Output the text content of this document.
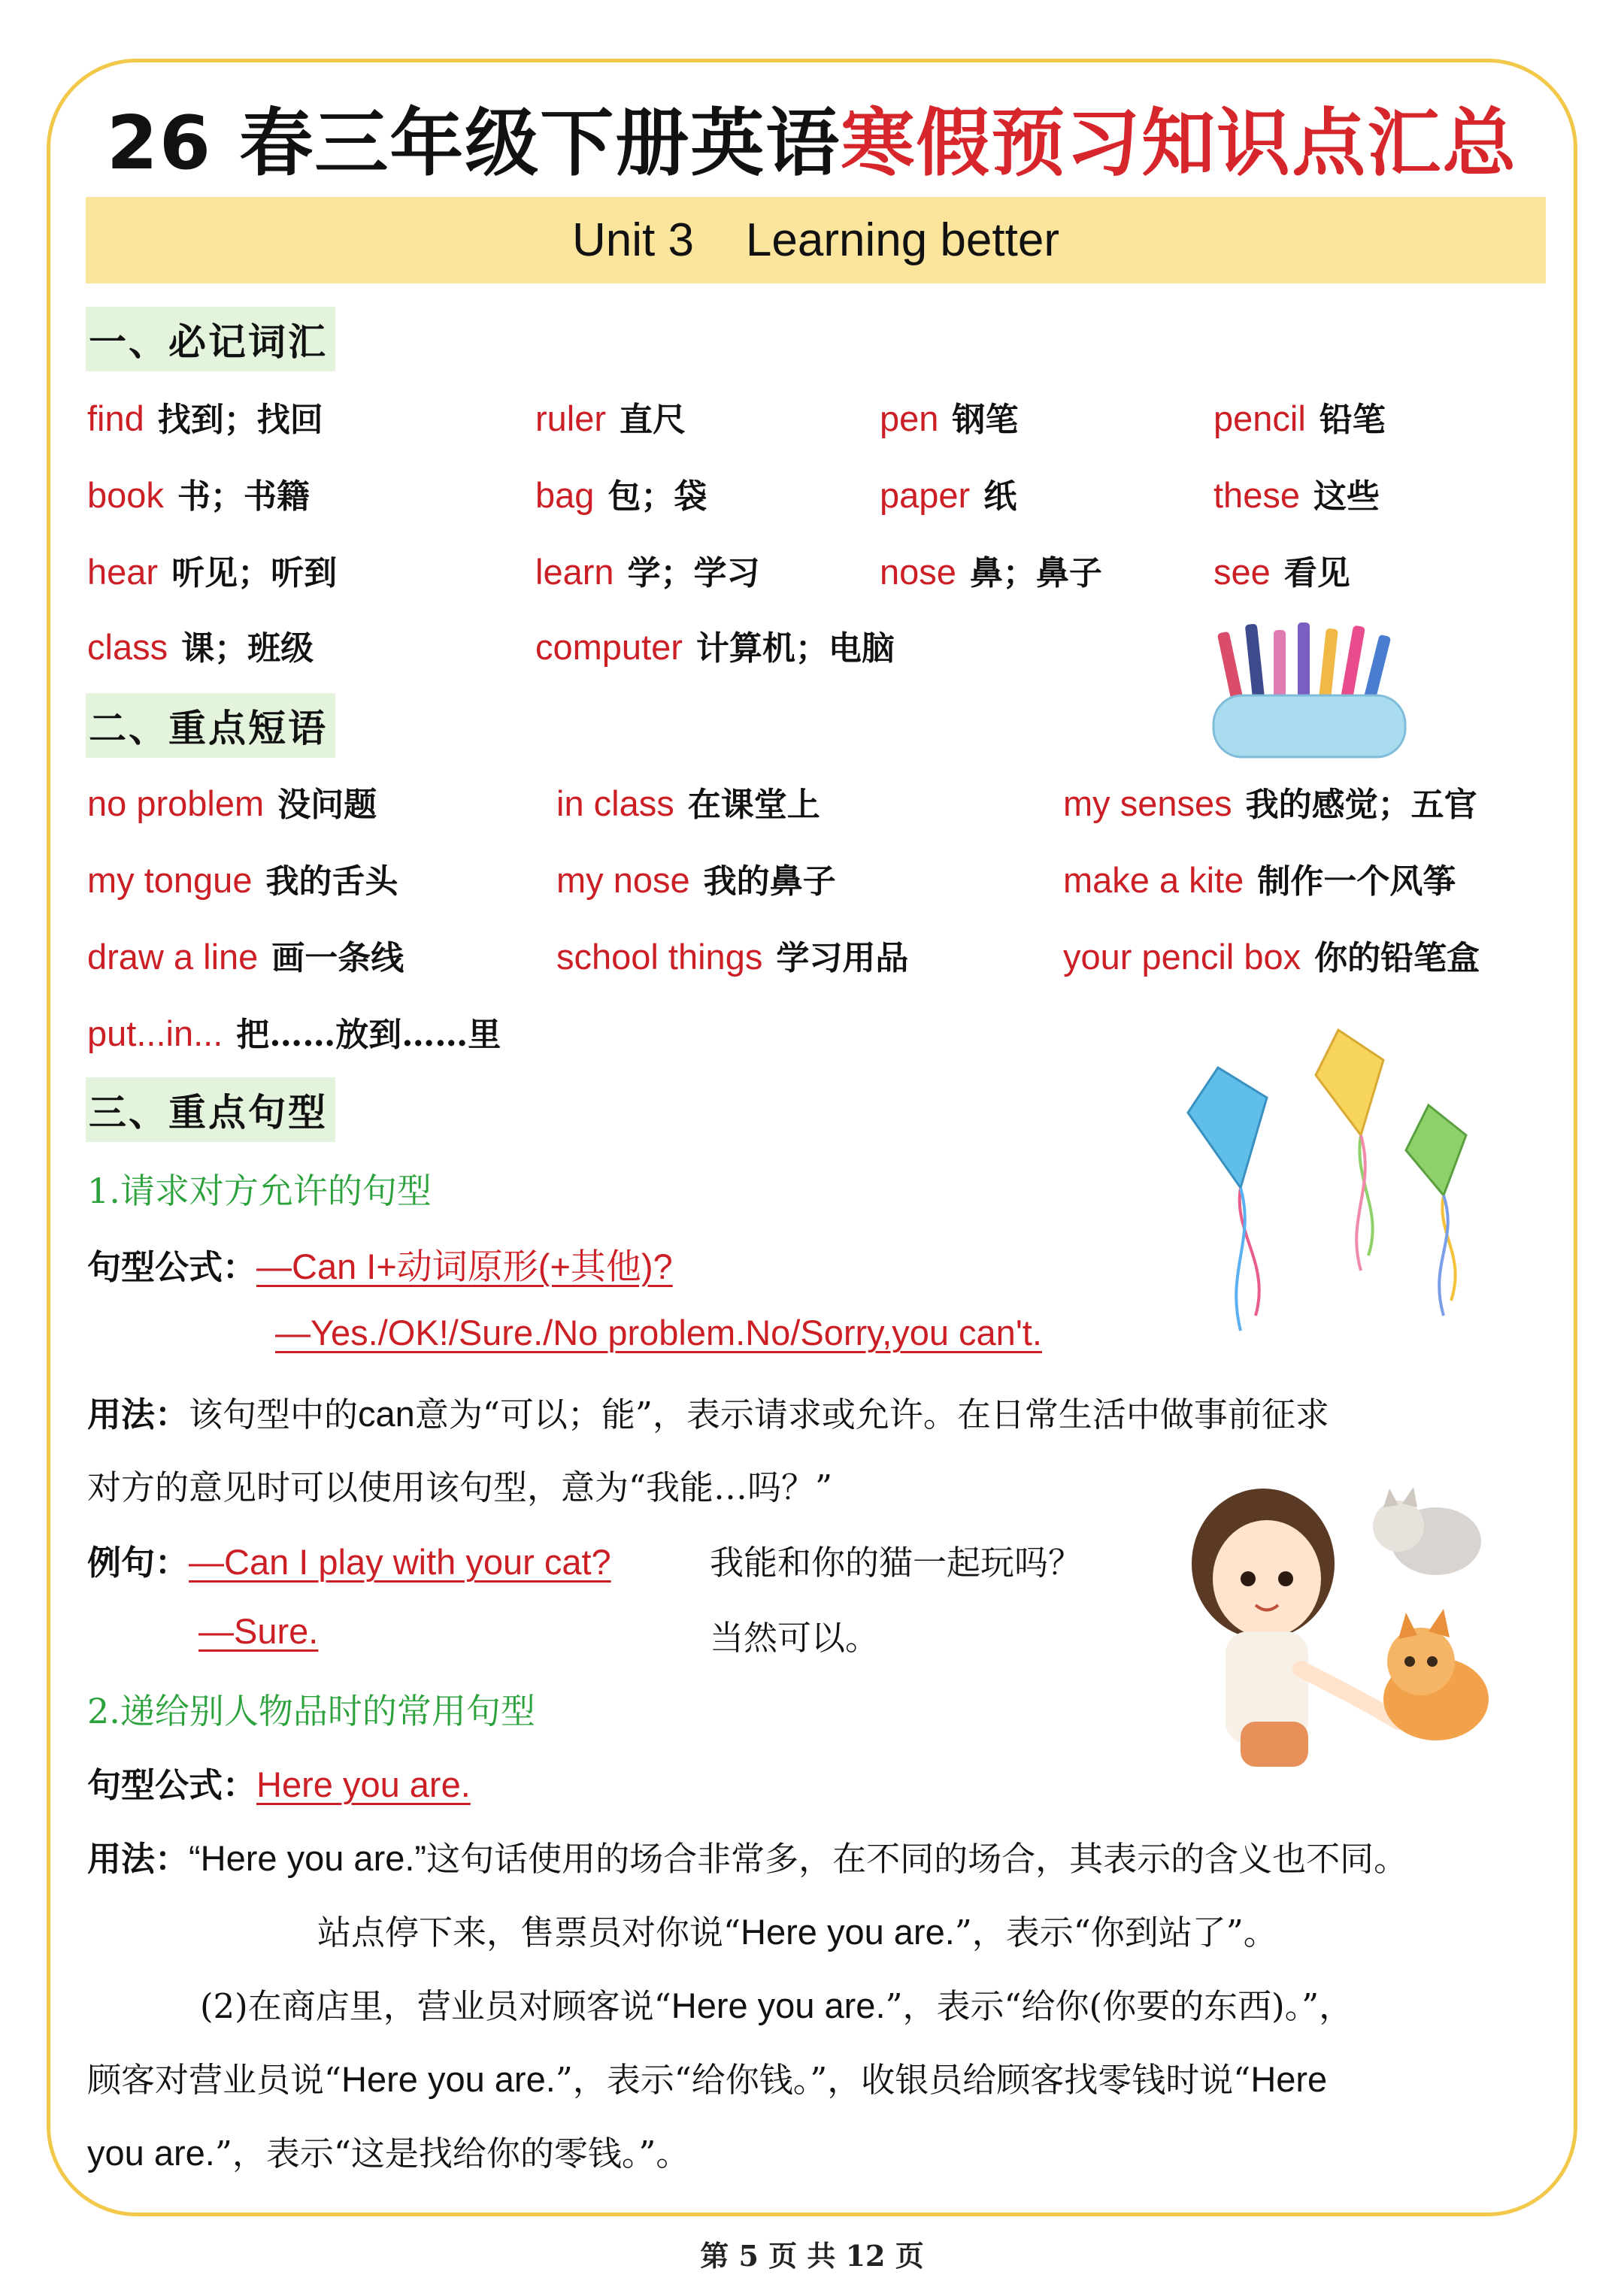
26 春三年级下册英语寒假预习知识点汇总
Unit 3
Learning better
一、必记词汇
find 找到；找回	ruler 直尺	pen 钢笔	pencil 铅笔
book 书；书籍	bag 包；袋	paper 纸	these 这些
hear 听见；听到	learn 学；学习	nose 鼻；鼻子	see 看见
class 课；班级	computer 计算机；电脑
二、重点短语
no problem 没问题	in class 在课堂上	my senses 我的感觉；五官
my tongue 我的舌头	my nose 我的鼻子	make a kite 制作一个风筝
draw a line 画一条线	school things 学习用品	your pencil box 你的铅笔盒
put...in... 把……放到……里
三、重点句型
1.请求对方允许的句型
句型公式：—Can I+动词原形(+其他)?
—Yes./OK!/Sure./No problem.No/Sorry,you can't.
用法：该句型中的can意为“可以；能”，表示请求或允许。在日常生活中做事前征求
对方的意见时可以使用该句型，意为“我能…吗？”
例句：—Can I play with your cat?	我能和你的猫一起玩吗？
—Sure.	当然可以。
2.递给别人物品时的常用句型
句型公式：Here you are.
用法：“Here you are.”这句话使用的场合非常多，在不同的场合，其表示的含义也不同。
站点停下来，售票员对你说“Here you are.”，表示“你到站了”。
(2)在商店里，营业员对顾客说“Here you are.”，表示“给你(你要的东西)。”，
顾客对营业员说“Here you are.”，表示“给你钱。”，收银员给顾客找零钱时说“Here
you are.”，表示“这是找给你的零钱。”。
第 5 页 共 12 页
